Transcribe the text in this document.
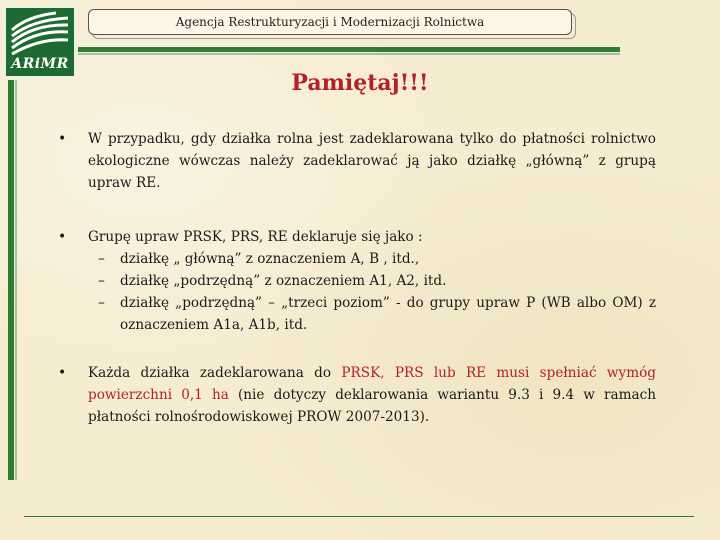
ARiMR
Agencja Restrukturyzacji i Modernizacji Rolnictwa
Pamiętaj!!!
• W przypadku, gdy działka rolna jest zadeklarowana tylko do płatności rolnictwo ekologiczne wówczas należy zadeklarować ją jako działkę „główną” z grupą upraw RE.
• Grupę upraw PRSK, PRS, RE deklaruje się jako :
– działkę „ główną” z oznaczeniem A, B , itd.,
– działkę „podrzędną” z oznaczeniem A1, A2, itd.
– działkę „podrzędną” – „trzeci poziom” - do grupy upraw P (WB albo OM) z oznaczeniem A1a, A1b, itd.
• Każda działka zadeklarowana do PRSK, PRS lub RE musi spełniać wymóg powierzchni 0,1 ha (nie dotyczy deklarowania wariantu 9.3 i 9.4 w ramach płatności rolnośrodowiskowej PROW 2007-2013).
